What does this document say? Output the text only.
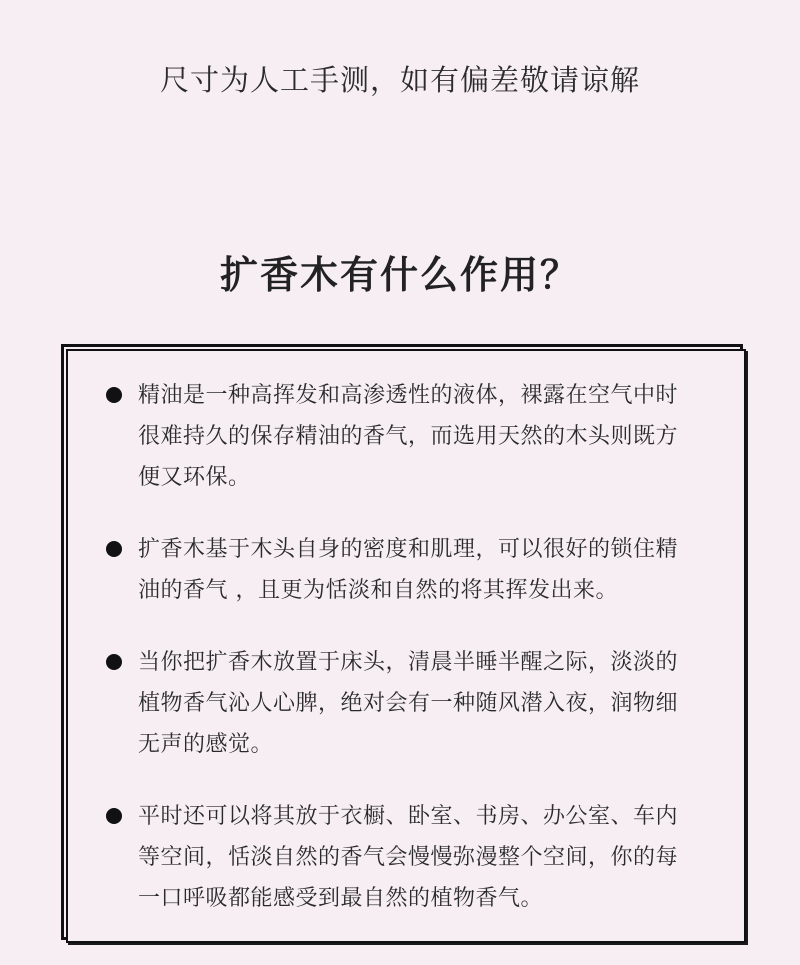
尺寸为人工手测，如有偏差敬请谅解
扩香木有什么作用？
精油是一种高挥发和高渗透性的液体，裸露在空气中时很难持久的保存精油的香气，而选用天然的木头则既方便又环保。
扩香木基于木头自身的密度和肌理，可以很好的锁住精油的香气 ，且更为恬淡和自然的将其挥发出来。
当你把扩香木放置于床头，清晨半睡半醒之际，淡淡的植物香气沁人心脾，绝对会有一种随风潜入夜，润物细无声的感觉。
平时还可以将其放于衣橱、卧室、书房、办公室、车内等空间，恬淡自然的香气会慢慢弥漫整个空间，你的每一口呼吸都能感受到最自然的植物香气。
